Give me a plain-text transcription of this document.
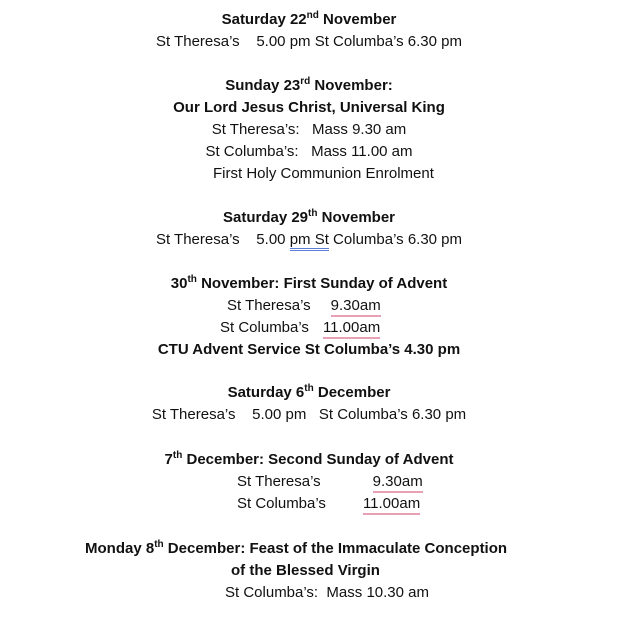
Saturday 22nd November
St Theresa’s    5.00 pm St Columba’s 6.30 pm
Sunday 23rd November:
Our Lord Jesus Christ, Universal King
St Theresa’s:   Mass 9.30 am
St Columba’s:   Mass 11.00 am
First Holy Communion Enrolment
Saturday 29th November
St Theresa’s    5.00 pm St Columba’s 6.30 pm
30th November: First Sunday of Advent
St Theresa’s 9.30am
St Columba’s 11.00am
CTU Advent Service St Columba’s 4.30 pm
Saturday 6th December
St Theresa’s    5.00 pm   St Columba’s 6.30 pm
7th December: Second Sunday of Advent
St Theresa’s	9.30am
St Columba’s 11.00am
Monday 8th December: Feast of the Immaculate Conception
of the Blessed Virgin
St Columba’s:  Mass 10.30 am
